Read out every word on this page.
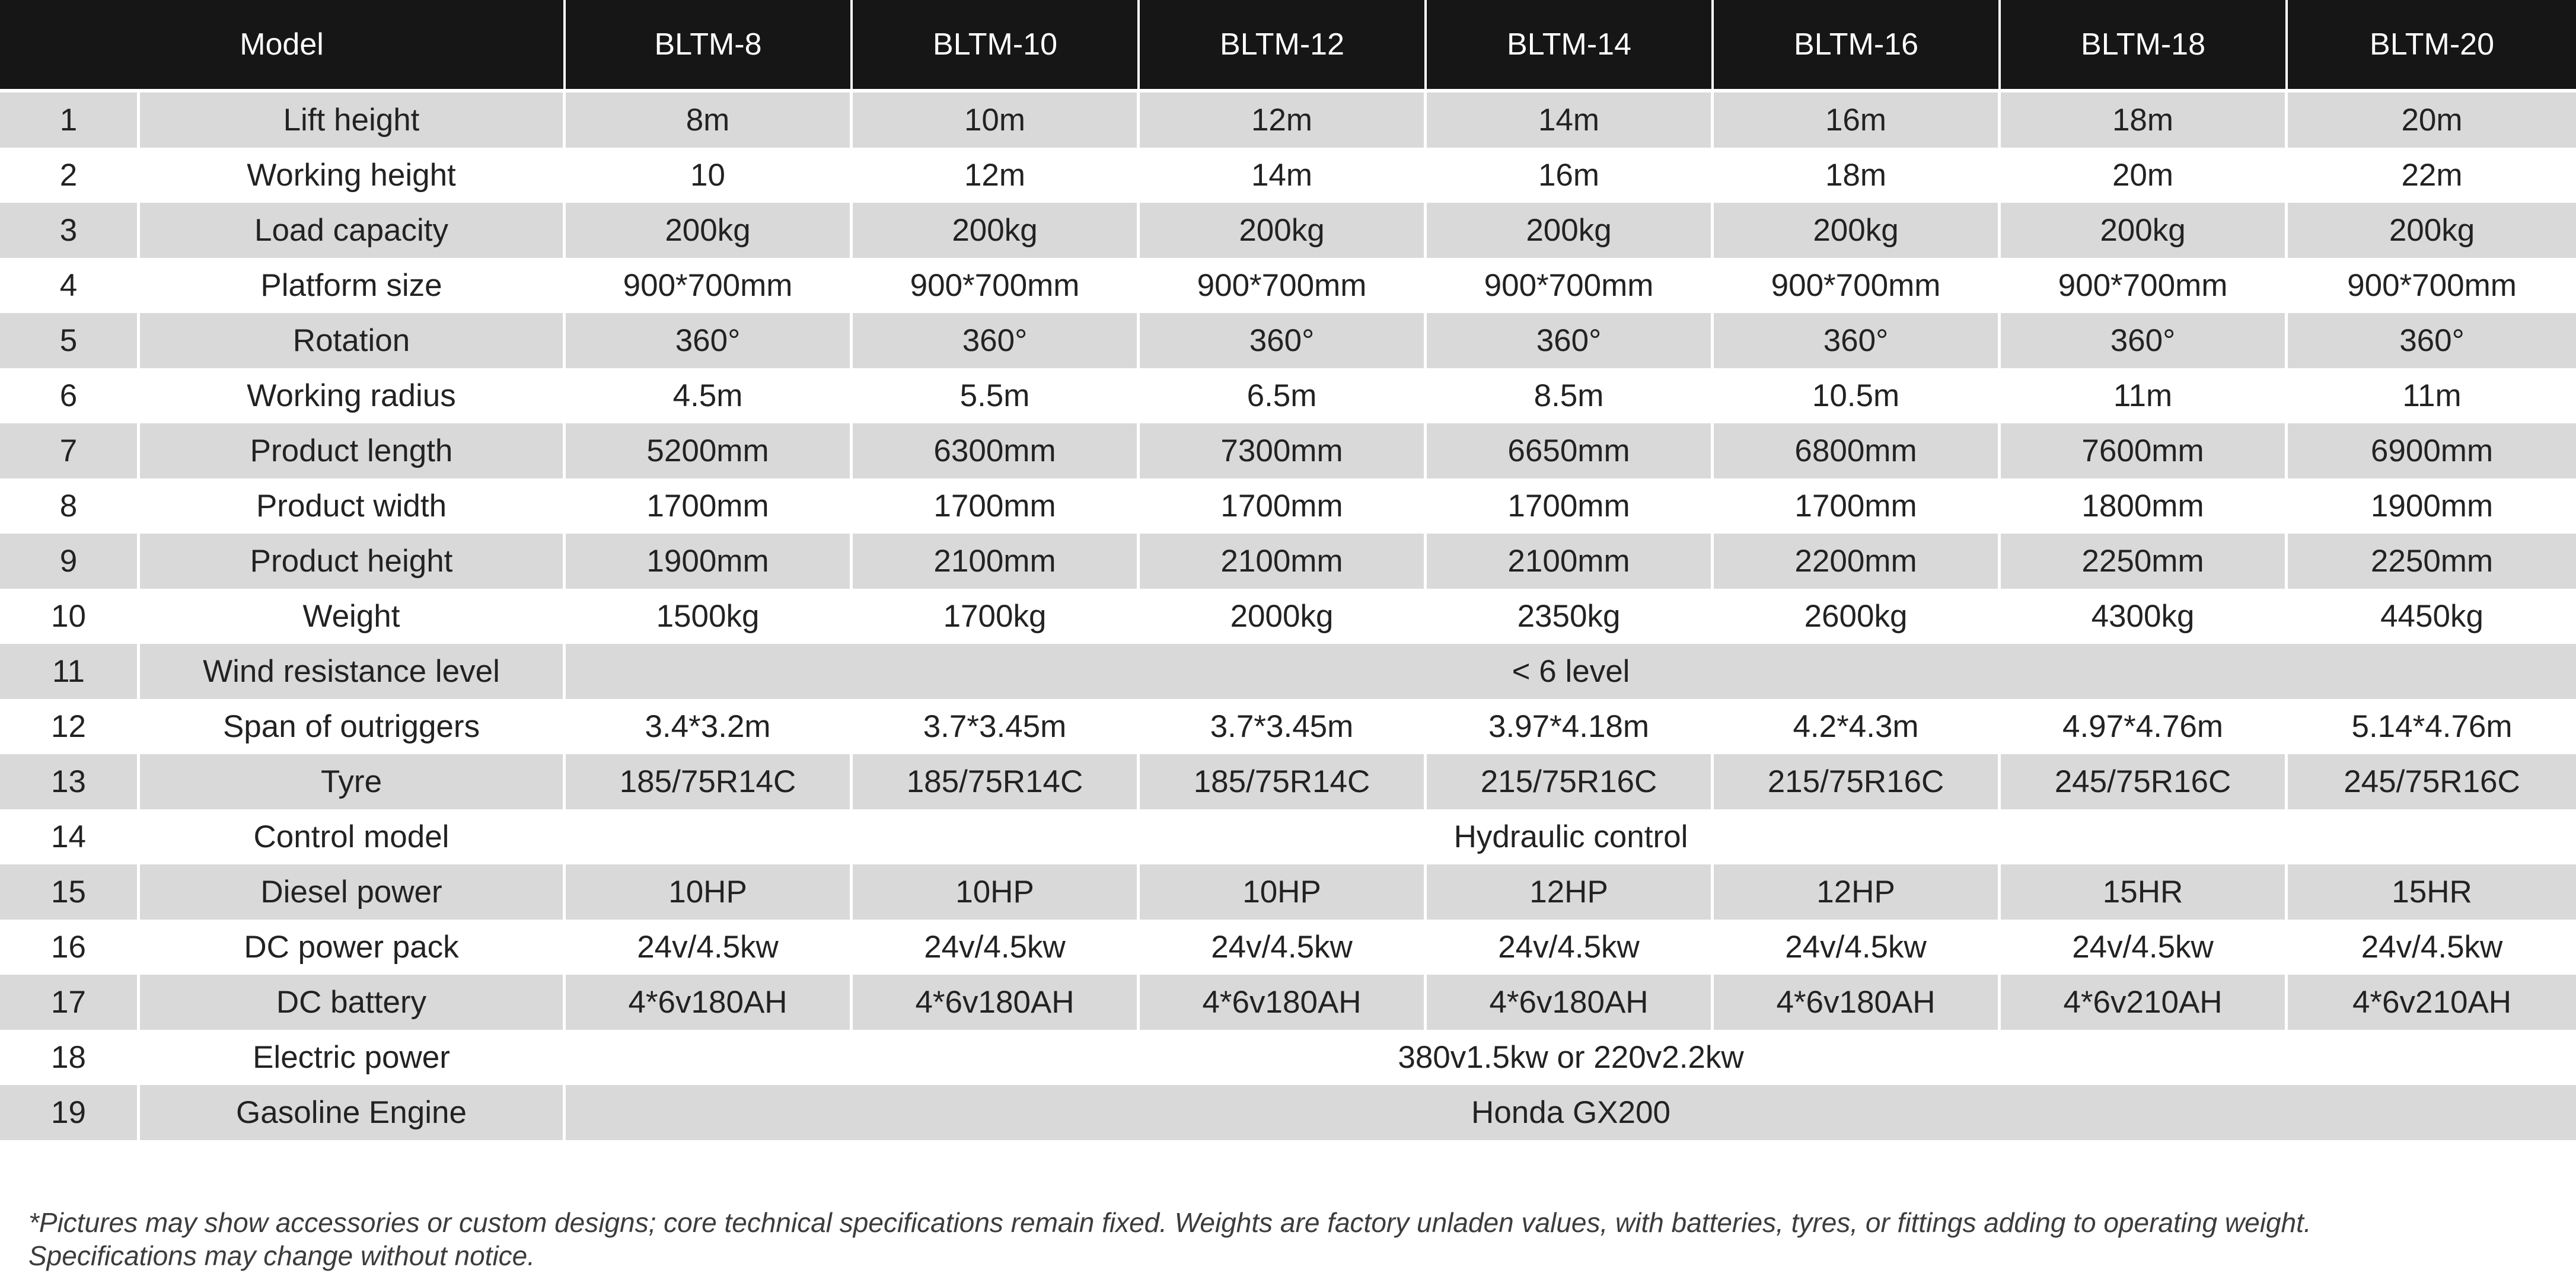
Model		BLTM-8	BLTM-10	BLTM-12	BLTM-14	BLTM-16	BLTM-18	BLTM-20
1	Lift height	8m	10m	12m	14m	16m	18m	20m
2	Working height	10	12m	14m	16m	18m	20m	22m
3	Load capacity	200kg	200kg	200kg	200kg	200kg	200kg	200kg
4	Platform size	900*700mm	900*700mm	900*700mm	900*700mm	900*700mm	900*700mm	900*700mm
5	Rotation	360°	360°	360°	360°	360°	360°	360°
6	Working radius	4.5m	5.5m	6.5m	8.5m	10.5m	11m	11m
7	Product length	5200mm	6300mm	7300mm	6650mm	6800mm	7600mm	6900mm
8	Product width	1700mm	1700mm	1700mm	1700mm	1700mm	1800mm	1900mm
9	Product height	1900mm	2100mm	2100mm	2100mm	2200mm	2250mm	2250mm
10	Weight	1500kg	1700kg	2000kg	2350kg	2600kg	4300kg	4450kg
11	Wind resistance level	< 6 level						
12	Span of outriggers	3.4*3.2m	3.7*3.45m	3.7*3.45m	3.97*4.18m	4.2*4.3m	4.97*4.76m	5.14*4.76m
13	Tyre	185/75R14C	185/75R14C	185/75R14C	215/75R16C	215/75R16C	245/75R16C	245/75R16C
14	Control model	Hydraulic control						
15	Diesel power	10HP	10HP	10HP	12HP	12HP	15HR	15HR
16	DC power pack	24v/4.5kw	24v/4.5kw	24v/4.5kw	24v/4.5kw	24v/4.5kw	24v/4.5kw	24v/4.5kw
17	DC battery	4*6v180AH	4*6v180AH	4*6v180AH	4*6v180AH	4*6v180AH	4*6v210AH	4*6v210AH
18	Electric power	380v1.5kw or 220v2.2kw						
19	Gasoline Engine	Honda GX200						
*Pictures may show accessories or custom designs; core technical specifications remain fixed. Weights are factory unladen values, with batteries, tyres, or fittings adding to operating weight.
Specifications may change without notice.
